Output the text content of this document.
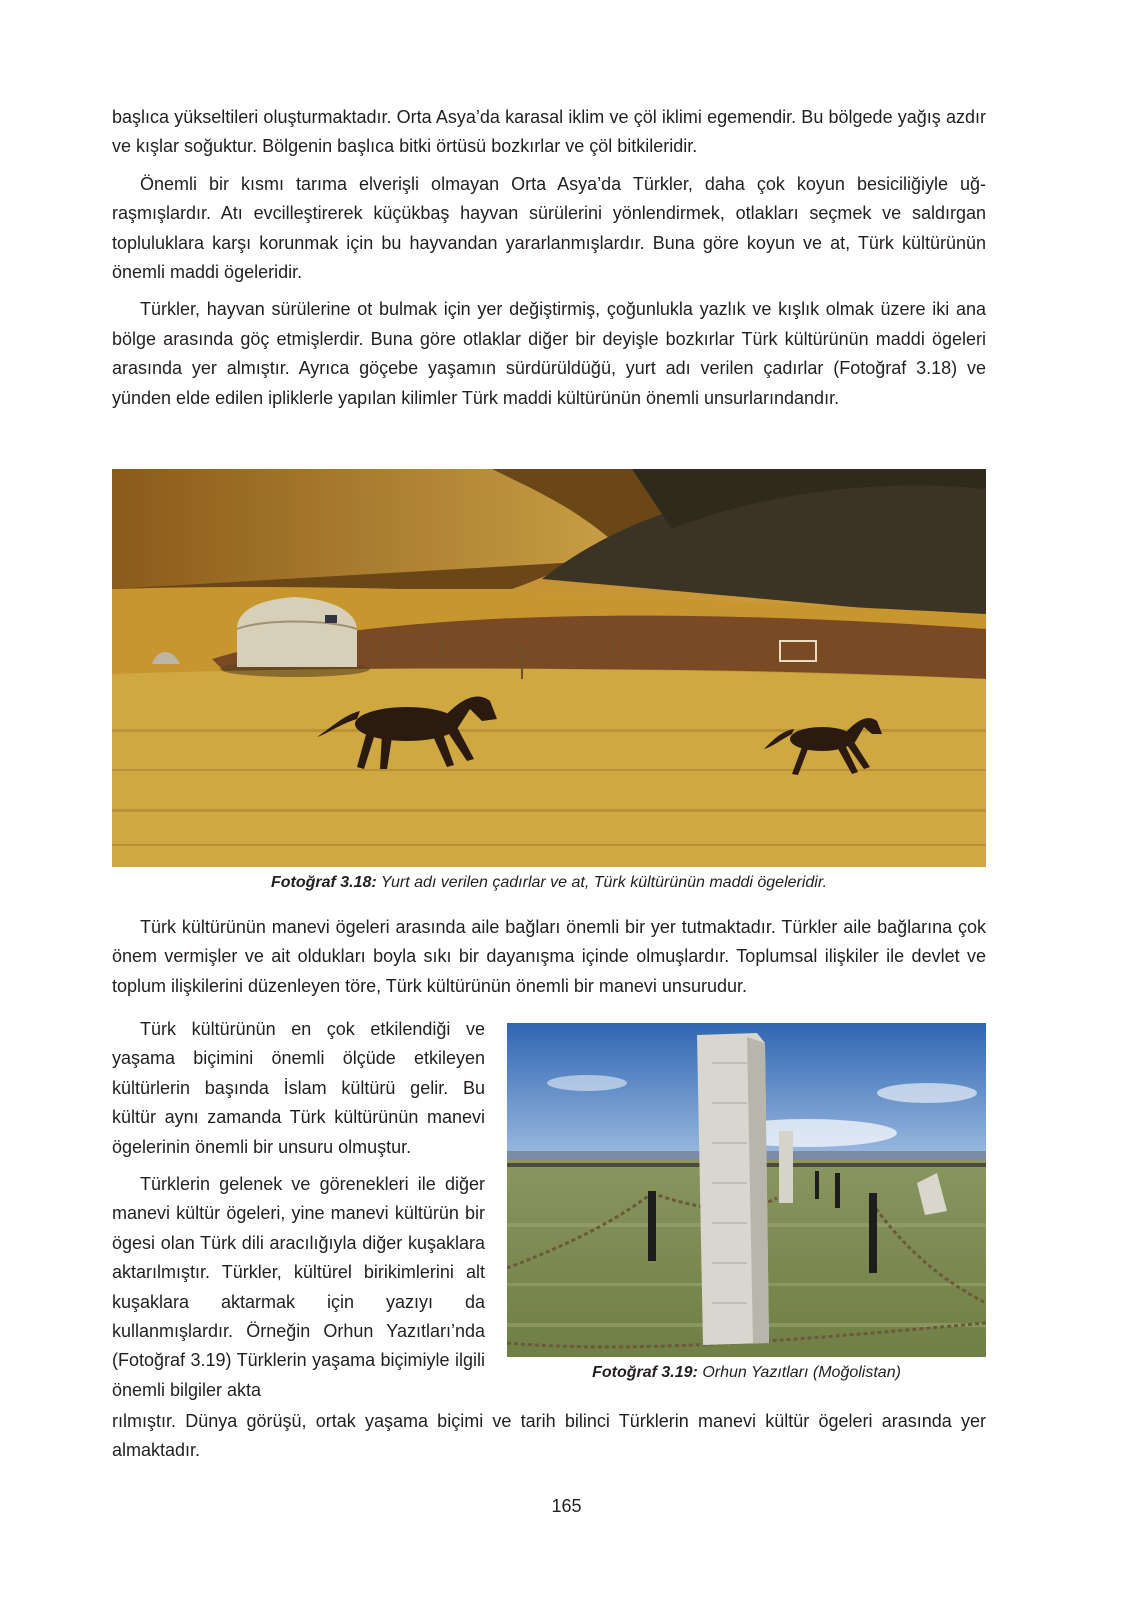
başlıca yükseltileri oluşturmaktadır. Orta Asya’da karasal iklim ve çöl iklimi egemendir. Bu bölgede yağış azdır ve kışlar soğuktur. Bölgenin başlıca bitki örtüsü bozkırlar ve çöl bitkileridir.

Önemli bir kısmı tarıma elverişli olmayan Orta Asya’da Türkler, daha çok koyun besiciliğiyle uğraşmışlardır. Atı evcilleştirerek küçükbaş hayvan sürülerini yönlendirmek, otlakları seçmek ve saldırgan topluluklara karşı korunmak için bu hayvandan yararlanmışlardır. Buna göre koyun ve at, Türk kültürünün önemli maddi ögeleridir.

Türkler, hayvan sürülerine ot bulmak için yer değiştirmiş, çoğunlukla yazlık ve kışlık olmak üzere iki ana bölge arasında göç etmişlerdir. Buna göre otlaklar diğer bir deyişle bozkırlar Türk kültürünün maddi ögeleri arasında yer almıştır. Ayrıca göçebe yaşamın sürdürüldüğü, yurt adı verilen çadırlar (Fotoğraf 3.18) ve yünden elde edilen ipliklerle yapılan kilimler Türk maddi kültürünün önemli unsurlarındandır.

Fotoğraf 3.18: Yurt adı verilen çadırlar ve at, Türk kültürünün maddi ögeleridir.

Türk kültürünün manevi ögeleri arasında aile bağları önemli bir yer tutmaktadır. Türkler aile bağlarına çok önem vermişler ve ait oldukları boyla sıkı bir dayanışma içinde olmuşlardır. Toplumsal ilişkiler ile devlet ve toplum ilişkilerini düzenleyen töre, Türk kültürünün önemli bir manevi unsurudur.

Türk kültürünün en çok etkilendiği ve yaşama biçimini önemli ölçüde etkileyen kültürlerin başında İslam kültürü gelir. Bu kültür aynı zamanda Türk kültürünün manevi ögelerinin önemli bir unsuru olmuştur.

Türklerin gelenek ve görenekleri ile diğer manevi kültür ögeleri, yine manevi kültürün bir ögesi olan Türk dili aracılığıyla diğer kuşaklara aktarılmıştır. Türkler, kültürel birikimlerini alt kuşaklara aktarmak için yazıyı da kullanmışlardır. Örneğin Orhun Yazıtları’nda (Fotoğraf 3.19) Türklerin yaşama biçimiyle ilgili önemli bilgiler akta

Fotoğraf 3.19: Orhun Yazıtları (Moğolistan)

rılmıştır. Dünya görüşü, ortak yaşama biçimi ve tarih bilinci Türklerin manevi kültür ögeleri arasında yer almaktadır.

165
